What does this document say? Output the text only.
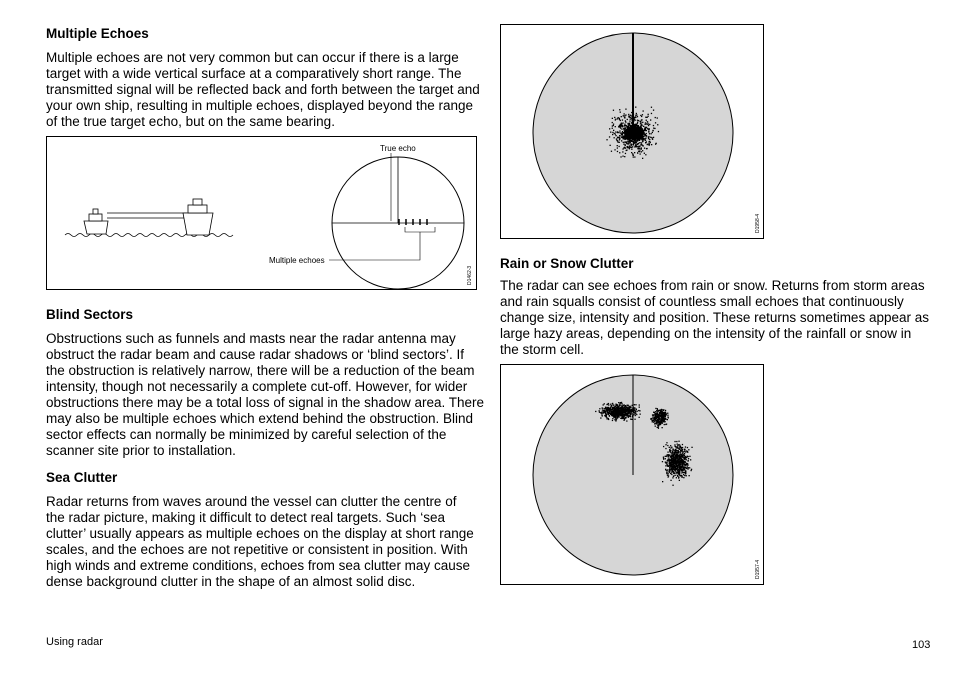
Multiple Echoes

Multiple echoes are not very common but can occur if there is a large target with a wide vertical surface at a comparatively short range. The transmitted signal will be reflected back and forth between the target and your own ship, resulting in multiple echoes, displayed beyond the range of the true target echo, but on the same bearing.

True echo
Multiple echoes
D1462-3
Blind Sectors

Obstructions such as funnels and masts near the radar antenna may obstruct the radar beam and cause radar shadows or ‘blind sectors’. If the obstruction is relatively narrow, there will be a reduction of the beam intensity, though not necessarily a complete cut-off. However, for wider obstructions there may be a total loss of signal in the shadow area. There may also be multiple echoes which extend behind the obstruction. Blind sector effects can normally be minimized by careful selection of the scanner site prior to installation.

Sea Clutter

Radar returns from waves around the vessel can clutter the centre of the radar picture, making it difficult to detect real targets. Such ‘sea clutter’ usually appears as multiple echoes on the display at short range scales, and the echoes are not repetitive or consistent in position. With high winds and extreme conditions, echoes from sea clutter may cause dense background clutter in the shape of an almost solid disc.

D1958-4
Rain or Snow Clutter

The radar can see echoes from rain or snow. Returns from storm areas and rain squalls consist of countless small echoes that continuously change size, intensity and position. These returns sometimes appear as large hazy areas, depending on the intensity of the rainfall or snow in the storm cell.

D1957-4
Using radar	103
